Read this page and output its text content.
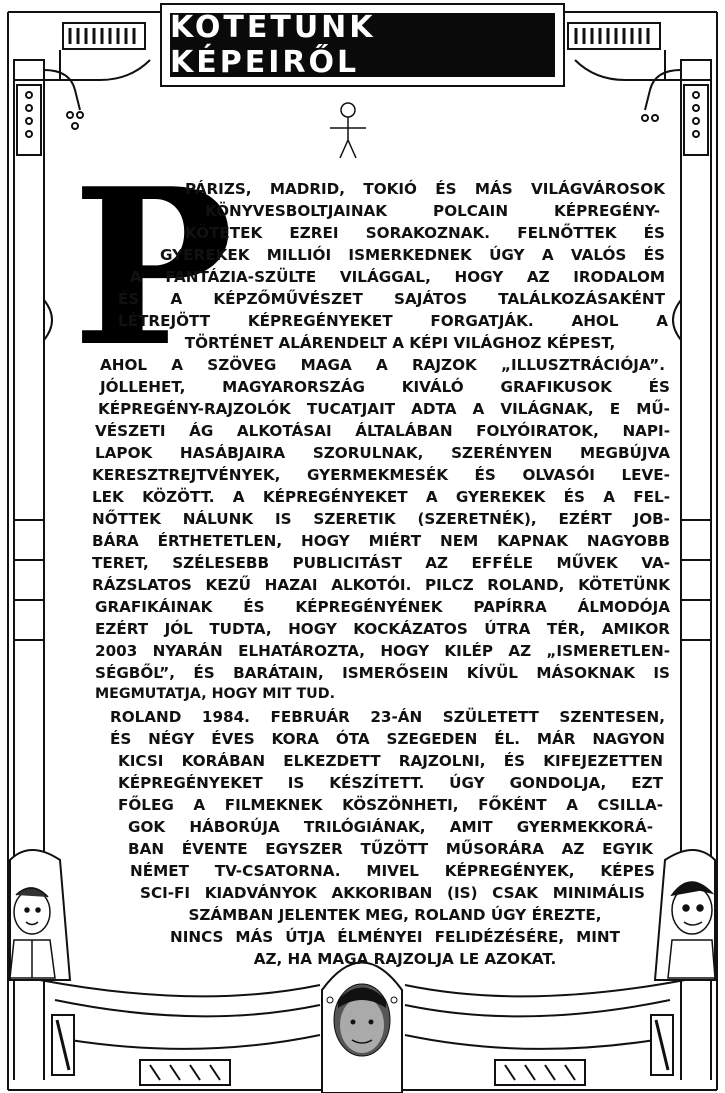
KÖTETÜNK KÉPEIRŐL
P
PÁRIZS, MADRID, TOKIÓ ÉS MÁS VILÁGVÁROSOK
KÖNYVESBOLTJAINAK POLCAIN KÉPREGÉNY-
KÖTETEK EZREI SORAKOZNAK. FELNŐTTEK ÉS
GYEREKEK MILLIÓI ISMERKEDNEK ÚGY A VALÓS ÉS
A FANTÁZIA-SZÜLTE VILÁGGAL, HOGY AZ IRODALOM
ÉS A KÉPZŐMŰVÉSZET SAJÁTOS TALÁLKOZÁSAKÉNT
LÉTREJÖTT KÉPREGÉNYEKET FORGATJÁK. AHOL A
TÖRTÉNET ALÁRENDELT A KÉPI VILÁGHOZ KÉPEST,
AHOL A SZÖVEG MAGA A RAJZOK „ILLUSZTRÁCIÓJA”.
JÓLLEHET, MAGYARORSZÁG KIVÁLÓ GRAFIKUSOK ÉS
KÉPREGÉNY-RAJZOLÓK TUCATJAIT ADTA A VILÁGNAK, E MŰ-
VÉSZETI ÁG ALKOTÁSAI ÁLTALÁBAN FOLYÓIRATOK, NAPI-
LAPOK HASÁBJAIRA SZORULNAK, SZERÉNYEN MEGBÚJVA
KERESZTREJTVÉNYEK, GYERMEKMESÉK ÉS OLVASÓI LEVE-
LEK KÖZÖTT. A KÉPREGÉNYEKET A GYEREKEK ÉS A FEL-
NŐTTEK NÁLUNK IS SZERETIK (SZERETNÉK), EZÉRT JOB-
BÁRA ÉRTHETETLEN, HOGY MIÉRT NEM KAPNAK NAGYOBB
TERET, SZÉLESEBB PUBLICITÁST AZ EFFÉLE MŰVEK VA-
RÁZSLATOS KEZŰ HAZAI ALKOTÓI. PILCZ ROLAND, KÖTETÜNK
GRAFIKÁINAK ÉS KÉPREGÉNYÉNEK PAPÍRRA ÁLMODÓJA
EZÉRT JÓL TUDTA, HOGY KOCKÁZATOS ÚTRA TÉR, AMIKOR
2003 NYARÁN ELHATÁROZTA, HOGY KILÉP AZ „ISMERETLEN-
SÉGBŐL”, ÉS BARÁTAIN, ISMERŐSEIN KÍVÜL MÁSOKNAK IS
MEGMUTATJA, HOGY MIT TUD.
ROLAND 1984. FEBRUÁR 23-ÁN SZÜLETETT SZENTESEN,
ÉS NÉGY ÉVES KORA ÓTA SZEGEDEN ÉL. MÁR NAGYON
KICSI KORÁBAN ELKEZDETT RAJZOLNI, ÉS KIFEJEZETTEN
KÉPREGÉNYEKET IS KÉSZÍTETT. ÚGY GONDOLJA, EZT
FŐLEG A FILMEKNEK KÖSZÖNHETI, FŐKÉNT A CSILLA-
GOK HÁBORÚJA TRILÓGIÁNAK, AMIT GYERMEKKORÁ-
BAN ÉVENTE EGYSZER TŰZÖTT MŰSORÁRA AZ EGYIK
NÉMET TV-CSATORNA. MIVEL KÉPREGÉNYEK, KÉPES
SCI-FI KIADVÁNYOK AKKORIBAN (IS) CSAK MINIMÁLIS
SZÁMBAN JELENTEK MEG, ROLAND ÚGY ÉREZTE,
NINCS MÁS ÚTJA ÉLMÉNYEI FELIDÉZÉSÉRE, MINT
AZ, HA MAGA RAJZOLJA LE AZOKAT.
